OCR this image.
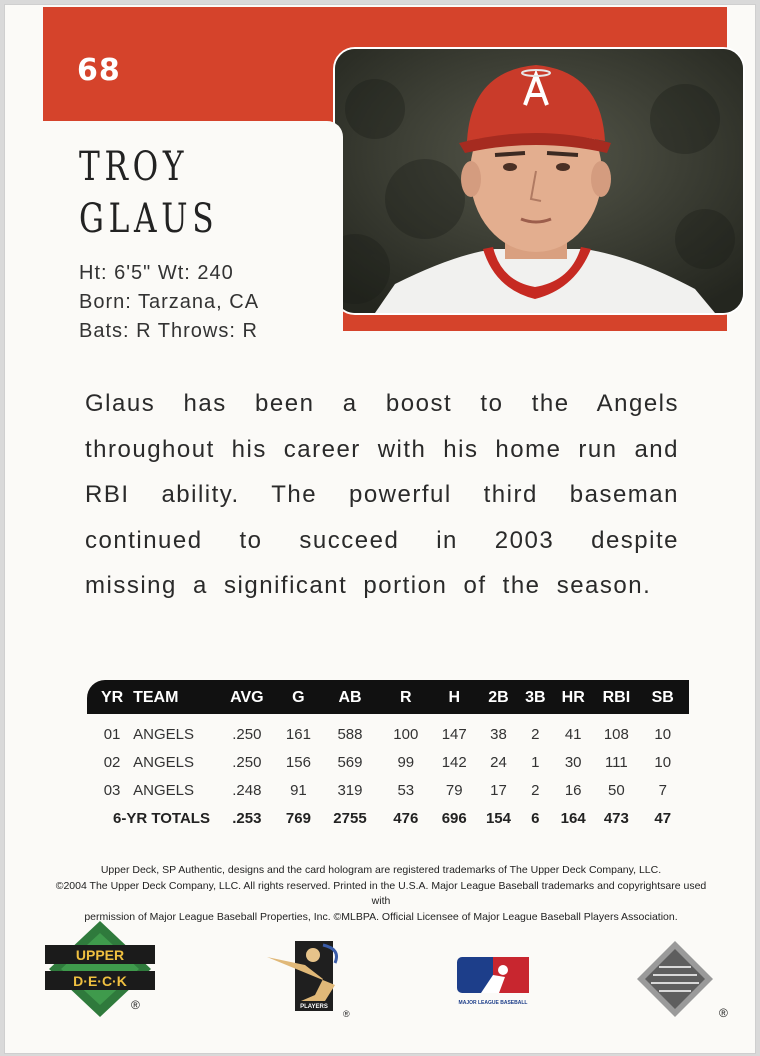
68
TROY
GLAUS
Ht: 6'5" Wt: 240
Born: Tarzana, CA
Bats: R Throws: R
Glaus has been a boost to the Angels throughout his career with his home run and RBI ability. The powerful third baseman continued to succeed in 2003 despite missing a significant portion of the season.
YR	TEAM	AVG	G	AB	R	H	2B	3B	HR	RBI	SB

01	ANGELS	.250	161	588	100	147	38	2	41	108	10
02	ANGELS	.250	156	569	99	142	24	1	30	111	10
03	ANGELS	.248	91	319	53	79	17	2	16	50	7
6-YR TOTALS		.253	769	2755	476	696	154	6	164	473	47
Upper Deck, SP Authentic, designs and the card hologram are registered trademarks of The Upper Deck Company, LLC.
©2004 The Upper Deck Company, LLC. All rights reserved. Printed in the U.S.A. Major League Baseball trademarks and copyrightsare used with
permission of Major League Baseball Properties, Inc. ©MLBPA. Official Licensee of Major League Baseball Players Association.
UPPER
D·E·C·K
®	PLAYERS
®
MAJOR LEAGUE BASEBALL
®
